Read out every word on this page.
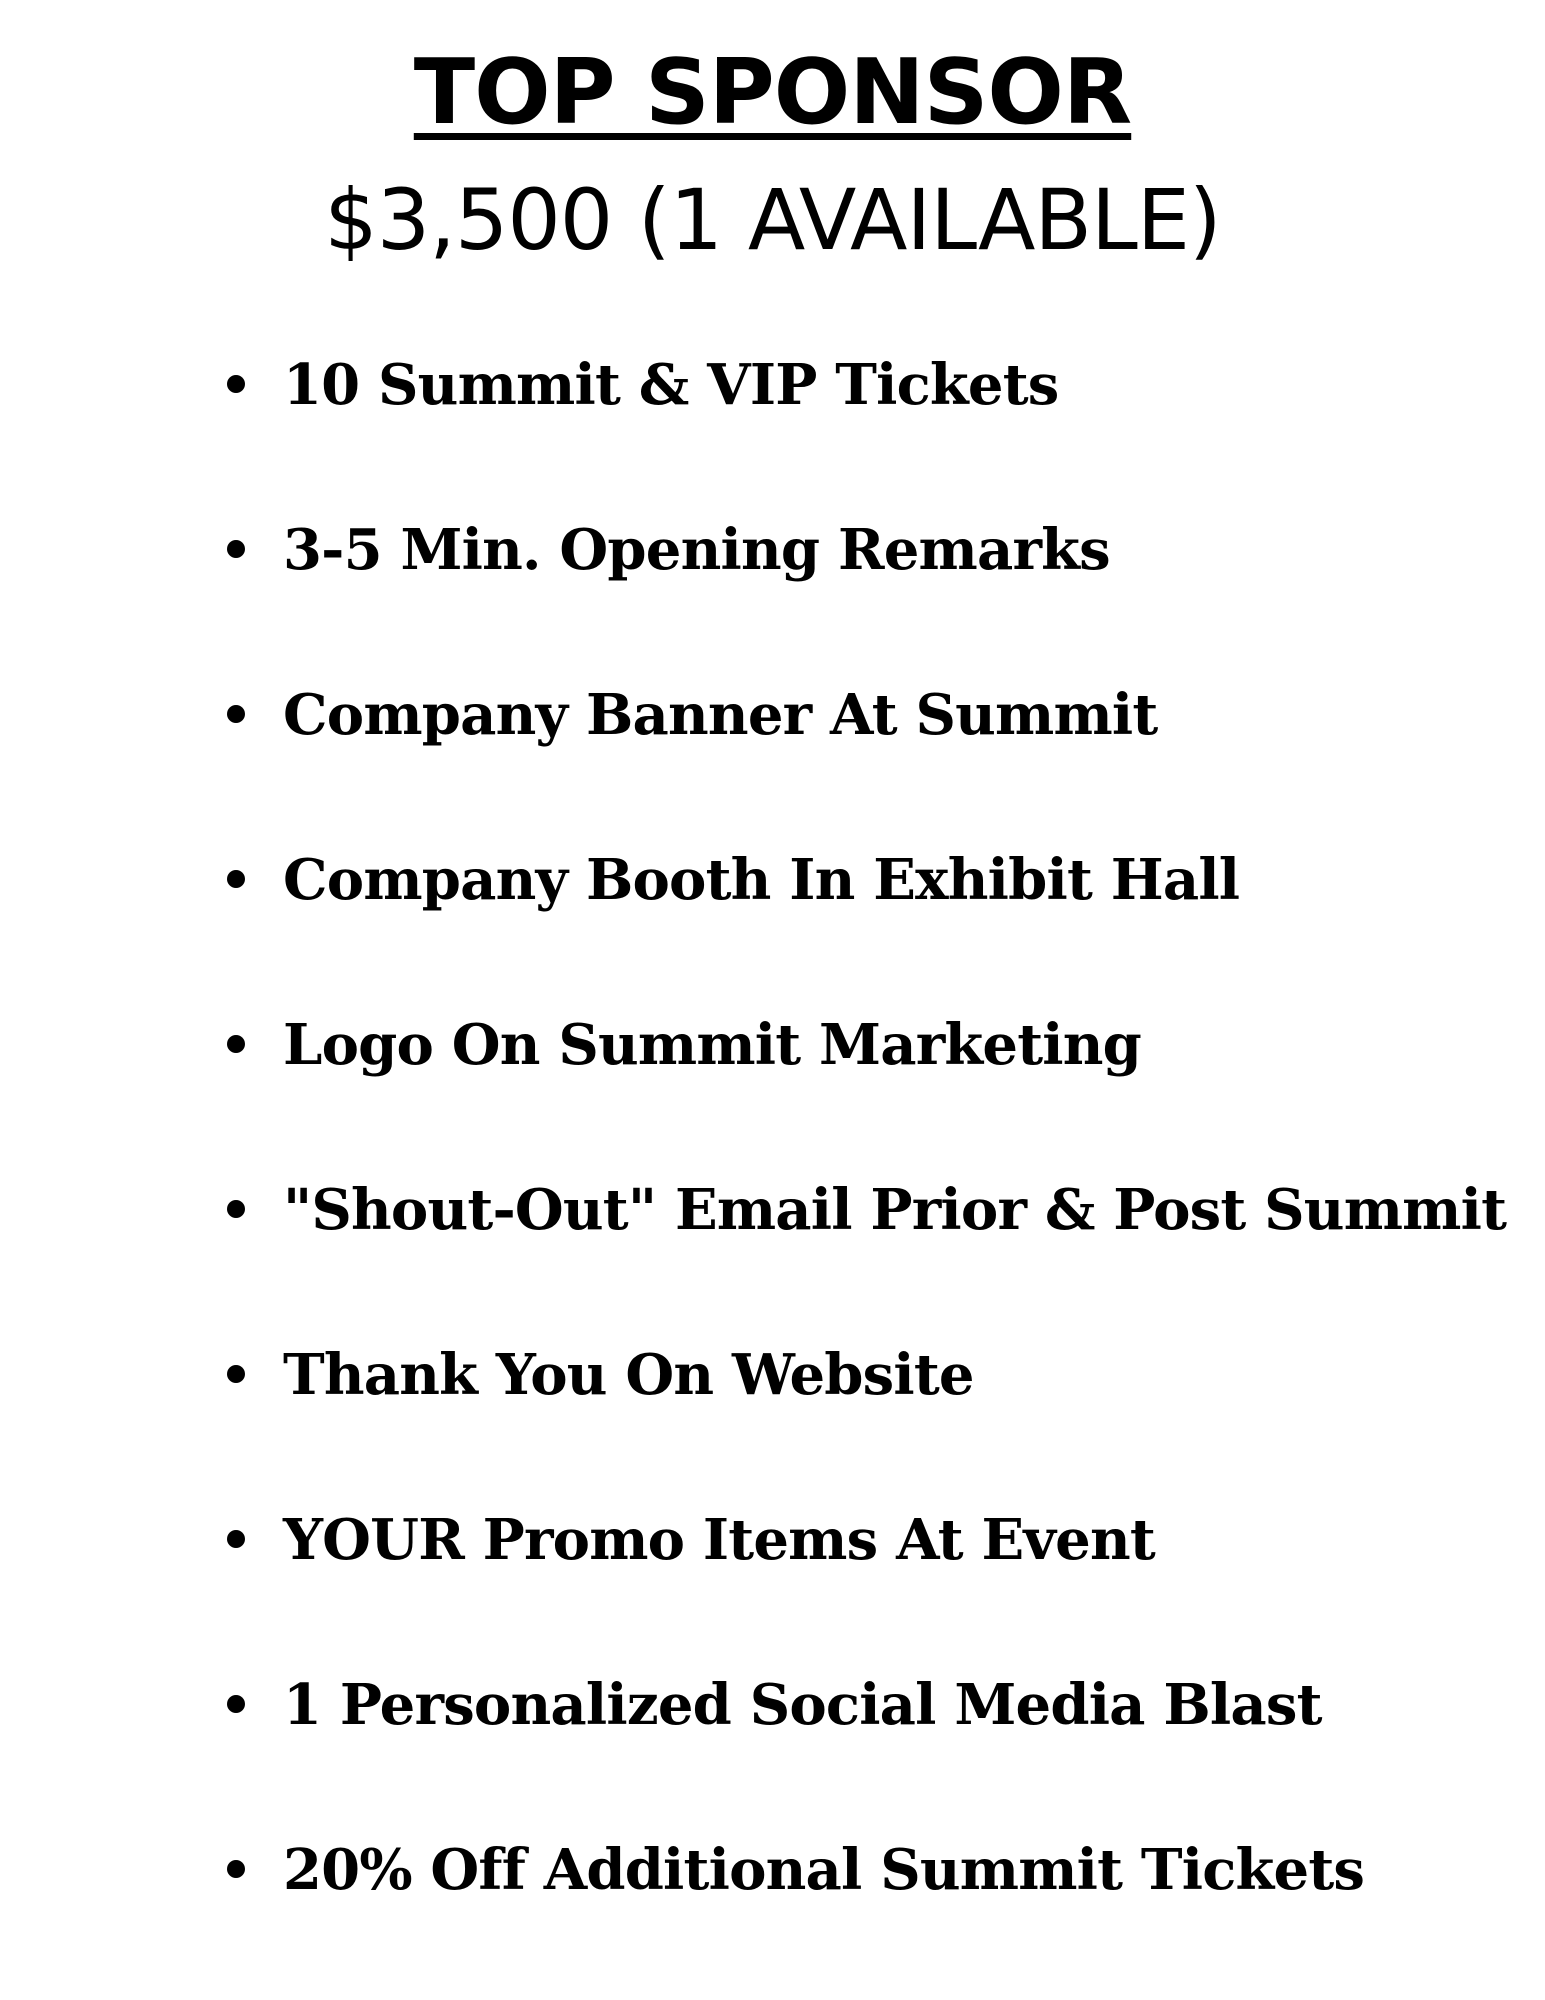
TOP SPONSOR
$3,500 (1 AVAILABLE)
10 Summit & VIP Tickets
3-5 Min. Opening Remarks
Company Banner At Summit
Company Booth In Exhibit Hall
Logo On Summit Marketing
"Shout-Out" Email Prior & Post Summit
Thank You On Website
YOUR Promo Items At Event
1 Personalized Social Media Blast
20% Off Additional Summit Tickets
